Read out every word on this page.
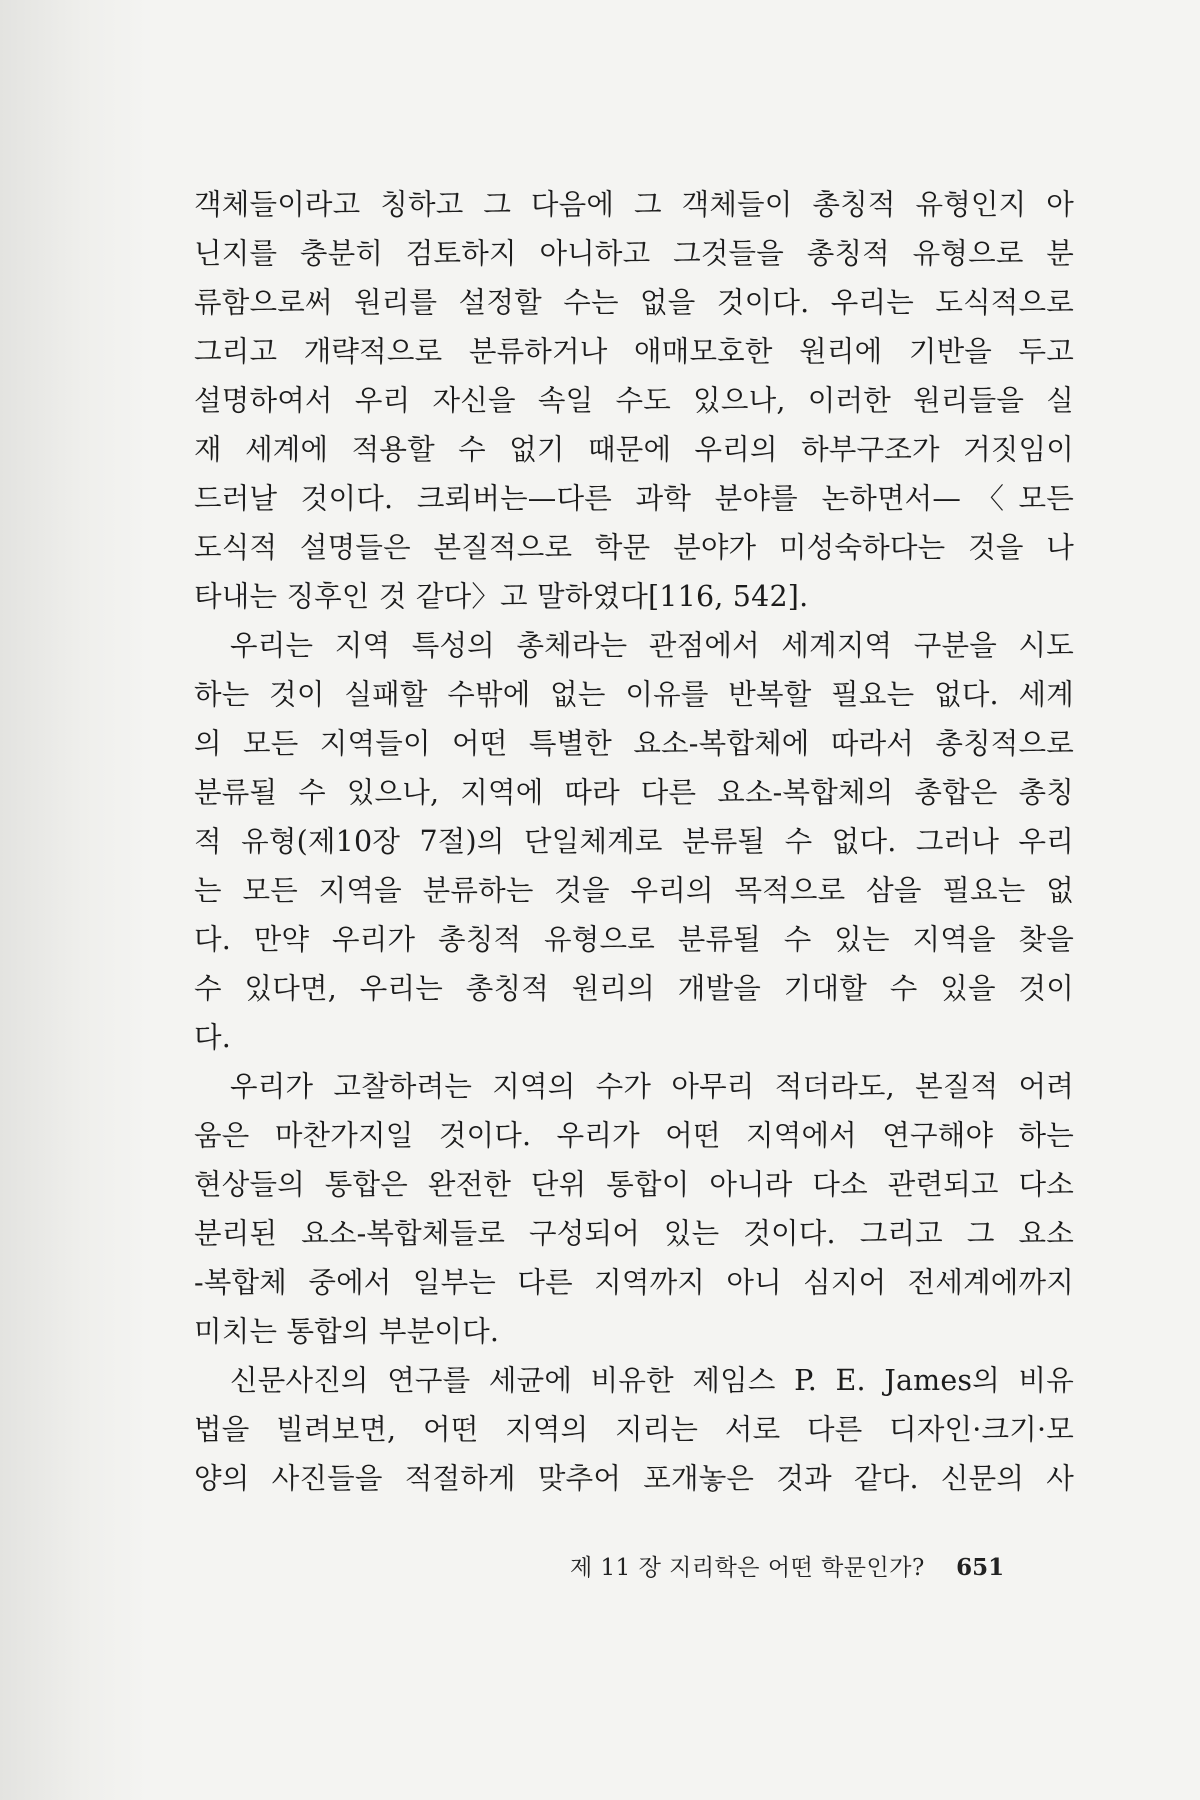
객체들이라고 칭하고 그 다음에 그 객체들이 총칭적 유형인지 아
닌지를 충분히 검토하지 아니하고 그것들을 총칭적 유형으로 분
류함으로써 원리를 설정할 수는 없을 것이다. 우리는 도식적으로
그리고 개략적으로 분류하거나 애매모호한 원리에 기반을 두고
설명하여서 우리 자신을 속일 수도 있으나, 이러한 원리들을 실
재 세계에 적용할 수 없기 때문에 우리의 하부구조가 거짓임이
드러날 것이다. 크뢰버는—다른 과학 분야를 논하면서—〈모든
도식적 설명들은 본질적으로 학문 분야가 미성숙하다는 것을 나
타내는 징후인 것 같다〉고 말하였다[116, 542].
우리는 지역 특성의 총체라는 관점에서 세계지역 구분을 시도
하는 것이 실패할 수밖에 없는 이유를 반복할 필요는 없다. 세계
의 모든 지역들이 어떤 특별한 요소-복합체에 따라서 총칭적으로
분류될 수 있으나, 지역에 따라 다른 요소-복합체의 총합은 총칭
적 유형(제10장 7절)의 단일체계로 분류될 수 없다. 그러나 우리
는 모든 지역을 분류하는 것을 우리의 목적으로 삼을 필요는 없
다. 만약 우리가 총칭적 유형으로 분류될 수 있는 지역을 찾을
수 있다면, 우리는 총칭적 원리의 개발을 기대할 수 있을 것이
다.
우리가 고찰하려는 지역의 수가 아무리 적더라도, 본질적 어려
움은 마찬가지일 것이다. 우리가 어떤 지역에서 연구해야 하는
현상들의 통합은 완전한 단위 통합이 아니라 다소 관련되고 다소
분리된 요소-복합체들로 구성되어 있는 것이다. 그리고 그 요소
-복합체 중에서 일부는 다른 지역까지 아니 심지어 전세계에까지
미치는 통합의 부분이다.
신문사진의 연구를 세균에 비유한 제임스 P. E. James의 비유
법을 빌려보면, 어떤 지역의 지리는 서로 다른 디자인·크기·모
양의 사진들을 적절하게 맞추어 포개놓은 것과 같다. 신문의 사
제 11 장 지리학은 어떤 학문인가? 651
